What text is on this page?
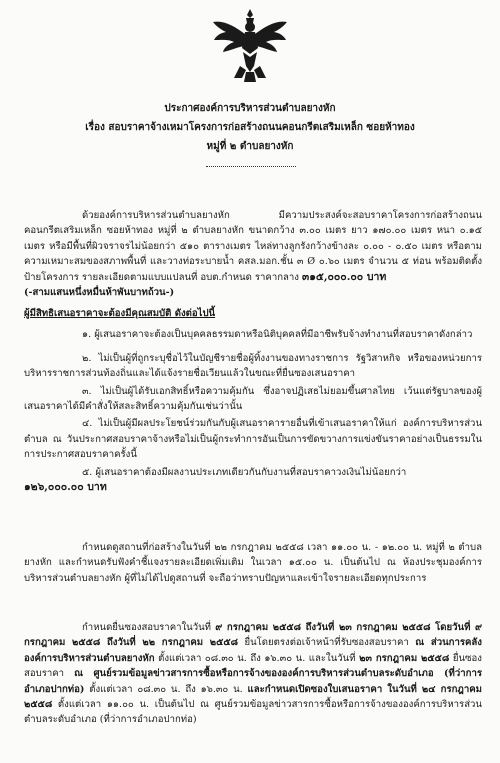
ประกาศองค์การบริหารส่วนตำบลยางหัก
เรื่อง สอบราคาจ้างเหมาโครงการก่อสร้างถนนคอนกรีตเสริมเหล็ก ซอยห้าทอง
หมู่ที่ ๒ ตำบลยางหัก

ด้วยองค์การบริหารส่วนตำบลยางหัก มีความประสงค์จะสอบราคาโครงการก่อสร้างถนนคอนกรีตเสริมเหล็ก ซอยห้าทอง หมู่ที่ ๒ ตำบลยางหัก ขนาดกว้าง ๓.๐๐ เมตร ยาว ๑๗๐.๐๐ เมตร หนา ๐.๑๕ เมตร หรือมีพื้นที่ผิวจราจรไม่น้อยกว่า ๕๑๐ ตารางเมตร ไหล่ทางลูกรังกว้างข้างละ ๐.๐๐ - ๐.๕๐ เมตร หรือตามความเหมาะสมของสภาพพื้นที่ และวางท่อระบายน้ำ คสล.มอก.ชั้น ๓ Ø ๐.๖๐ เมตร จำนวน ๕ ท่อน พร้อมติดตั้งป้ายโครงการ รายละเอียดตามแบบแปลนที่ อบต.กำหนด ราคากลาง ๓๑๕,๐๐๐.๐๐ บาท

(-สามแสนหนึ่งหมื่นห้าพันบาทถ้วน-)

ผู้มีสิทธิเสนอราคาจะต้องมีคุณสมบัติ ดังต่อไปนี้

๑. ผู้เสนอราคาจะต้องเป็นบุคคลธรรมดาหรือนิติบุคคลที่มีอาชีพรับจ้างทำงานที่สอบราคาดังกล่าว

๒. ไม่เป็นผู้ที่ถูกระบุชื่อไว้ในบัญชีรายชื่อผู้ทิ้งงานของทางราชการ รัฐวิสาหกิจ หรือของหน่วยการบริหารราชการส่วนท้องถิ่นและได้แจ้งรายชื่อเวียนแล้วในขณะที่ยื่นซองเสนอราคา

๓. ไม่เป็นผู้ได้รับเอกสิทธิ์หรือความคุ้มกัน ซึ่งอาจปฏิเสธไม่ยอมขึ้นศาลไทย เว้นแต่รัฐบาลของผู้เสนอราคาได้มีคำสั่งให้สละสิทธิ์ความคุ้มกันเช่นว่านั้น

๔. ไม่เป็นผู้มีผลประโยชน์ร่วมกันกับผู้เสนอราคารายอื่นที่เข้าเสนอราคาให้แก่ องค์การบริหารส่วนตำบล ณ วันประกาศสอบราคาจ้างหรือไม่เป็นผู้กระทำการอันเป็นการขัดขวางการแข่งขันราคาอย่างเป็นธรรมในการประกาศสอบราคาครั้งนี้

๕. ผู้เสนอราคาต้องมีผลงานประเภทเดียวกันกับงานที่สอบราคาวงเงินไม่น้อยกว่า

๑๒๖,๐๐๐.๐๐ บาท

กำหนดดูสถานที่ก่อสร้างในวันที่ ๒๒ กรกฎาคม ๒๕๕๘ เวลา ๑๑.๐๐ น. - ๑๒.๐๐ น. หมู่ที่ ๒ ตำบลยางหัก และกำหนดรับฟังคำชี้แจงรายละเอียดเพิ่มเติม ในเวลา ๑๕.๐๐ น. เป็นต้นไป ณ ห้องประชุมองค์การบริหารส่วนตำบลยางหัก ผู้ที่ไม่ได้ไปดูสถานที่ จะถือว่าทราบปัญหาและเข้าใจรายละเอียดทุกประการ

กำหนดยื่นซองสอบราคาในวันที่ ๙ กรกฎาคม ๒๕๕๘ ถึงวันที่ ๒๓ กรกฎาคม ๒๕๕๘ โดยวันที่ ๙ กรกฎาคม ๒๕๕๘ ถึงวันที่ ๒๒ กรกฎาคม ๒๕๕๘ ยื่นโดยตรงต่อเจ้าหน้าที่รับซองสอบราคา ณ ส่วนการคลัง องค์การบริหารส่วนตำบลยางหัก ตั้งแต่เวลา ๐๘.๓๐ น. ถึง ๑๖.๓๐ น. และในวันที่ ๒๓ กรกฎาคม ๒๕๕๘ ยื่นซองสอบราคา ณ ศูนย์รวมข้อมูลข่าวสารการซื้อหรือการจ้างขององค์การบริหารส่วนตำบลระดับอำเภอ (ที่ว่าการอำเภอปากท่อ) ตั้งแต่เวลา ๐๘.๓๐ น. ถึง ๑๖.๓๐ น. และกำหนดเปิดซองใบเสนอราคา ในวันที่ ๒๔ กรกฎาคม ๒๕๕๘ ตั้งแต่เวลา ๑๑.๐๐ น. เป็นต้นไป ณ ศูนย์รวมข้อมูลข่าวสารการซื้อหรือการจ้างขององค์การบริหารส่วนตำบลระดับอำเภอ (ที่ว่าการอำเภอปากท่อ)
